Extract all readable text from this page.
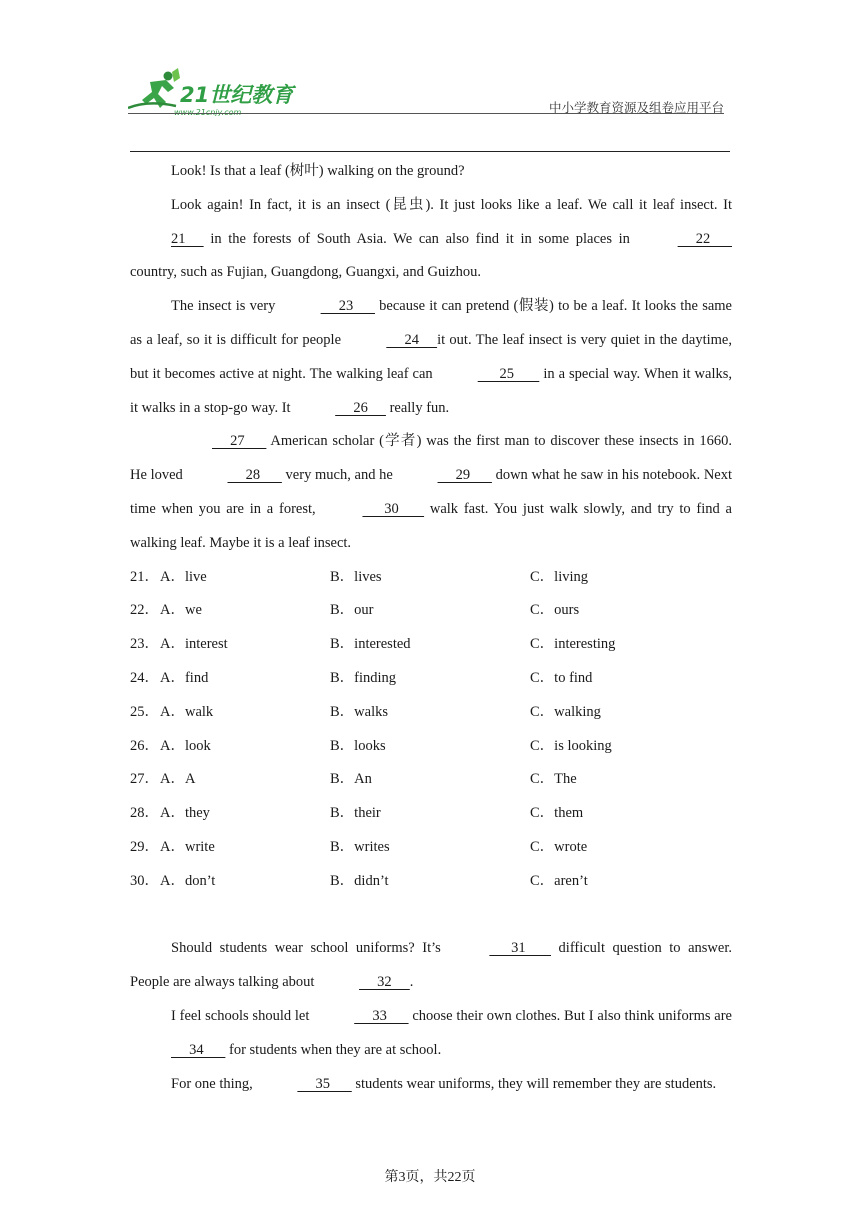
21世纪教育
www.21cnjy.com	中小学教育资源及组卷应用平台

Look! Is that a leaf (树叶) walking on the ground?

Look again! In fact, it is an insect (昆虫). It just looks like a leaf. We call it leaf insect. It 21      in the forests of South Asia. We can also find it in some places in	22       country, such as Fujian, Guangdong, Guangxi, and Guizhou.

The insect is very	23       because it can pretend (假装) to be a leaf. It looks the same as a leaf, so it is difficult for people	24     it out. The leaf insect is very quiet in the daytime, but it becomes active at night. The walking leaf can	25        in a special way. When it walks, it walks in a stop-go way. It	26      really fun.

27       American scholar (学者) was the first man to discover these insects in 1660. He loved	28       very much, and he	29       down what he saw in his notebook. Next time when you are in a forest,	30        walk fast. You just walk slowly, and try to find a walking leaf. Maybe it is a leaf insect.

21． A．live	B．lives	C．living
22． A．we	B．our	C．ours
23． A．interest	B．interested	C．interesting
24． A．find	B．finding	C．to find
25． A．walk	B．walks	C．walking
26． A．look	B．looks	C．is looking
27． A．A	B．An	C．The
28． A．they	B．their	C．them
29． A．write	B．writes	C．wrote
30． A．don’t	B．didn’t	C．aren’t

Should students wear school uniforms? It’s	31        difficult question to answer. People are always talking about	32     .

I feel schools should let	33       choose their own clothes. But I also think uniforms are      34       for students when they are at school.

For one thing,	35       students wear uniforms, they will remember they are students.

第3页，共22页
